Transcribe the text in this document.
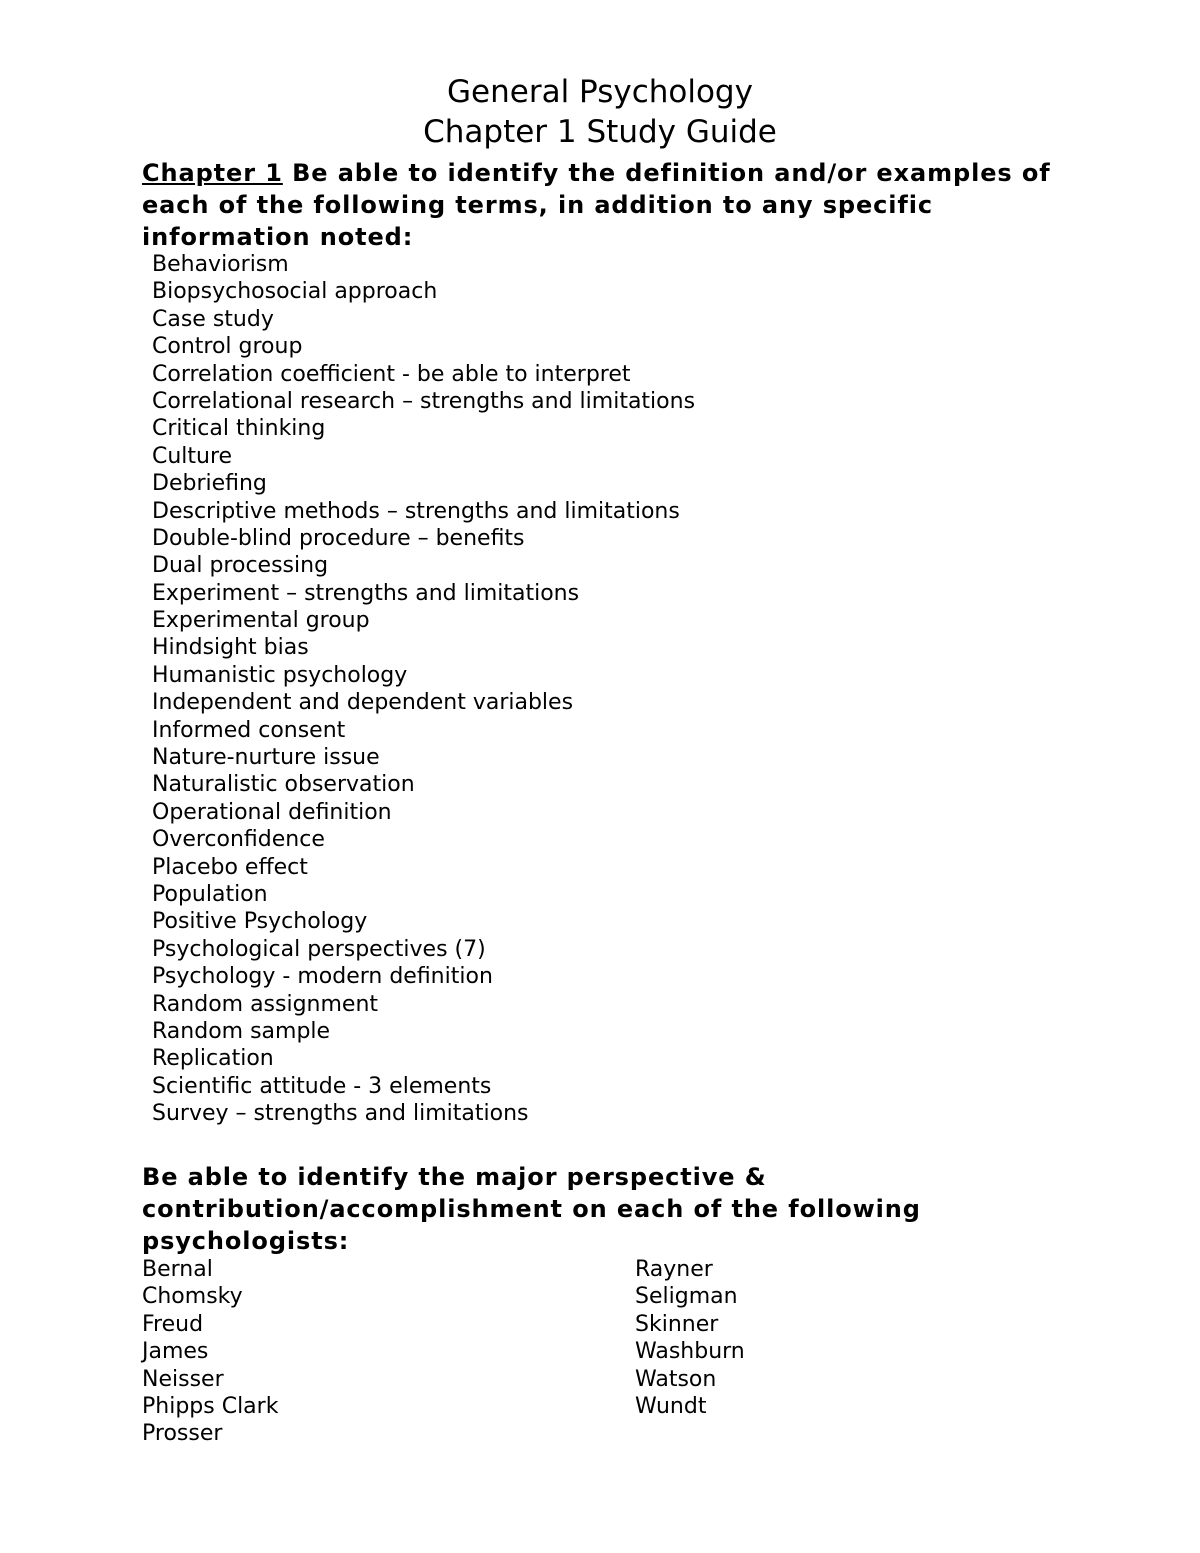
General Psychology
Chapter 1 Study Guide

Chapter 1 Be able to identify the definition and/or examples of each of the following terms, in addition to any specific information noted:

Behaviorism
Biopsychosocial approach
Case study
Control group
Correlation coefficient - be able to interpret
Correlational research – strengths and limitations
Critical thinking
Culture
Debriefing
Descriptive methods – strengths and limitations
Double-blind procedure – benefits
Dual processing
Experiment – strengths and limitations
Experimental group
Hindsight bias
Humanistic psychology
Independent and dependent variables
Informed consent
Nature-nurture issue
Naturalistic observation
Operational definition
Overconfidence
Placebo effect
Population
Positive Psychology
Psychological perspectives (7)
Psychology - modern definition
Random assignment
Random sample
Replication
Scientific attitude - 3 elements
Survey – strengths and limitations

Be able to identify the major perspective & contribution/accomplishment on each of the following psychologists:

Bernal
Chomsky
Freud
James
Neisser
Phipps Clark
Prosser
Rayner
Seligman
Skinner
Washburn
Watson
Wundt
